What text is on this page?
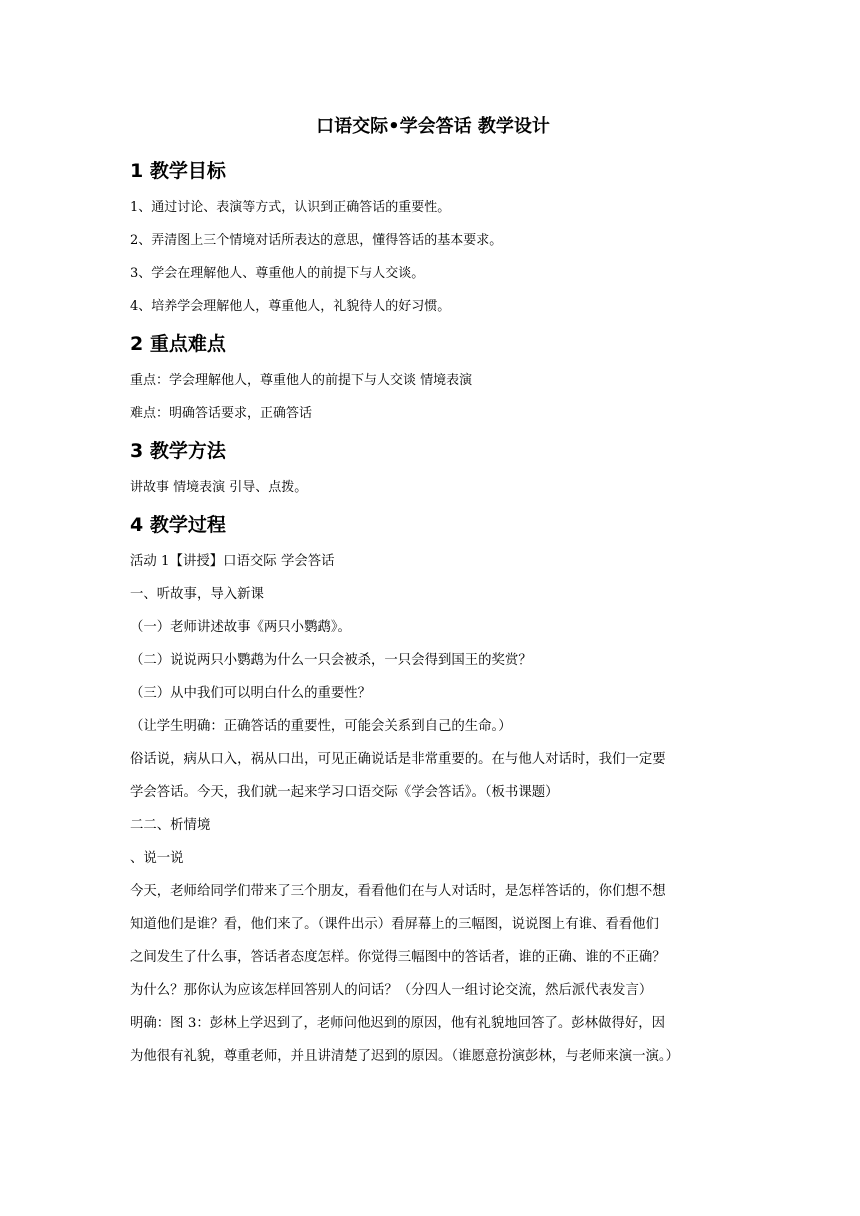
口语交际•学会答话 教学设计
1 教学目标
1、通过讨论、表演等方式，认识到正确答话的重要性。
2、弄清图上三个情境对话所表达的意思，懂得答话的基本要求。
3、学会在理解他人、尊重他人的前提下与人交谈。
4、培养学会理解他人，尊重他人，礼貌待人的好习惯。
2 重点难点
重点：学会理解他人，尊重他人的前提下与人交谈 情境表演
难点：明确答话要求，正确答话
3 教学方法
讲故事 情境表演 引导、点拨。
4 教学过程
活动 1【讲授】口语交际 学会答话
一、听故事，导入新课
（一）老师讲述故事《两只小鹦鹉》。
（二）说说两只小鹦鹉为什么一只会被杀，一只会得到国王的奖赏？
（三）从中我们可以明白什么的重要性？
（让学生明确：正确答话的重要性，可能会关系到自己的生命。）
俗话说，病从口入，祸从口出，可见正确说话是非常重要的。在与他人对话时，我们一定要
学会答话。今天，我们就一起来学习口语交际《学会答话》。（板书课题）
二二、析情境
、说一说
今天，老师给同学们带来了三个朋友，看看他们在与人对话时，是怎样答话的，你们想不想
知道他们是谁？看，他们来了。（课件出示）看屏幕上的三幅图，说说图上有谁、看看他们
之间发生了什么事，答话者态度怎样。你觉得三幅图中的答话者，谁的正确、谁的不正确？
为什么？那你认为应该怎样回答别人的问话？（分四人一组讨论交流，然后派代表发言）
明确：图 3：彭林上学迟到了，老师问他迟到的原因，他有礼貌地回答了。彭林做得好，因
为他很有礼貌，尊重老师，并且讲清楚了迟到的原因。（谁愿意扮演彭林，与老师来演一演。）
